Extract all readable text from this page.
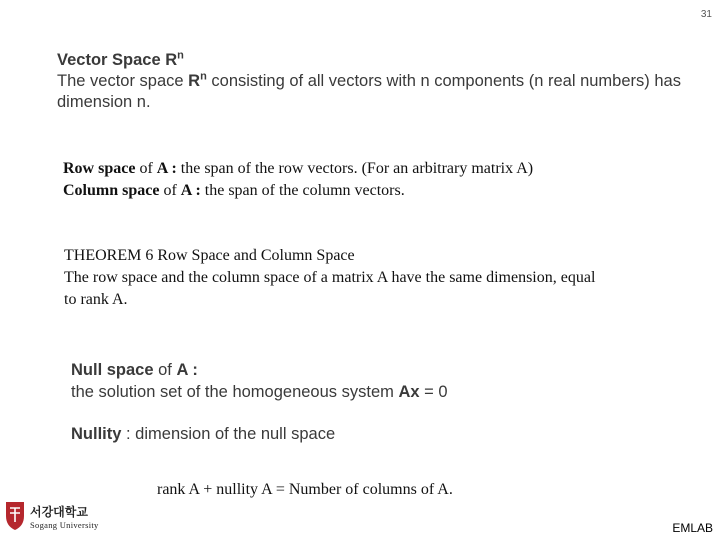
31
Vector Space $R^n$
The vector space $R^n$ consisting of all vectors with n components (n real numbers) has
dimension n.
Row space of A : the span of the row vectors. (For an arbitrary matrix A)
Column space of A : the span of the column vectors.
THEOREM 6 Row Space and Column Space
The row space and the column space of a matrix A have the same dimension, equal
to rank A.
Null space of A :
the solution set of the homogeneous system Ax = 0
Nullity : dimension of the null space
rank A + nullity A = Number of columns of A.
서강대학교
Sogang University	EMLAB
